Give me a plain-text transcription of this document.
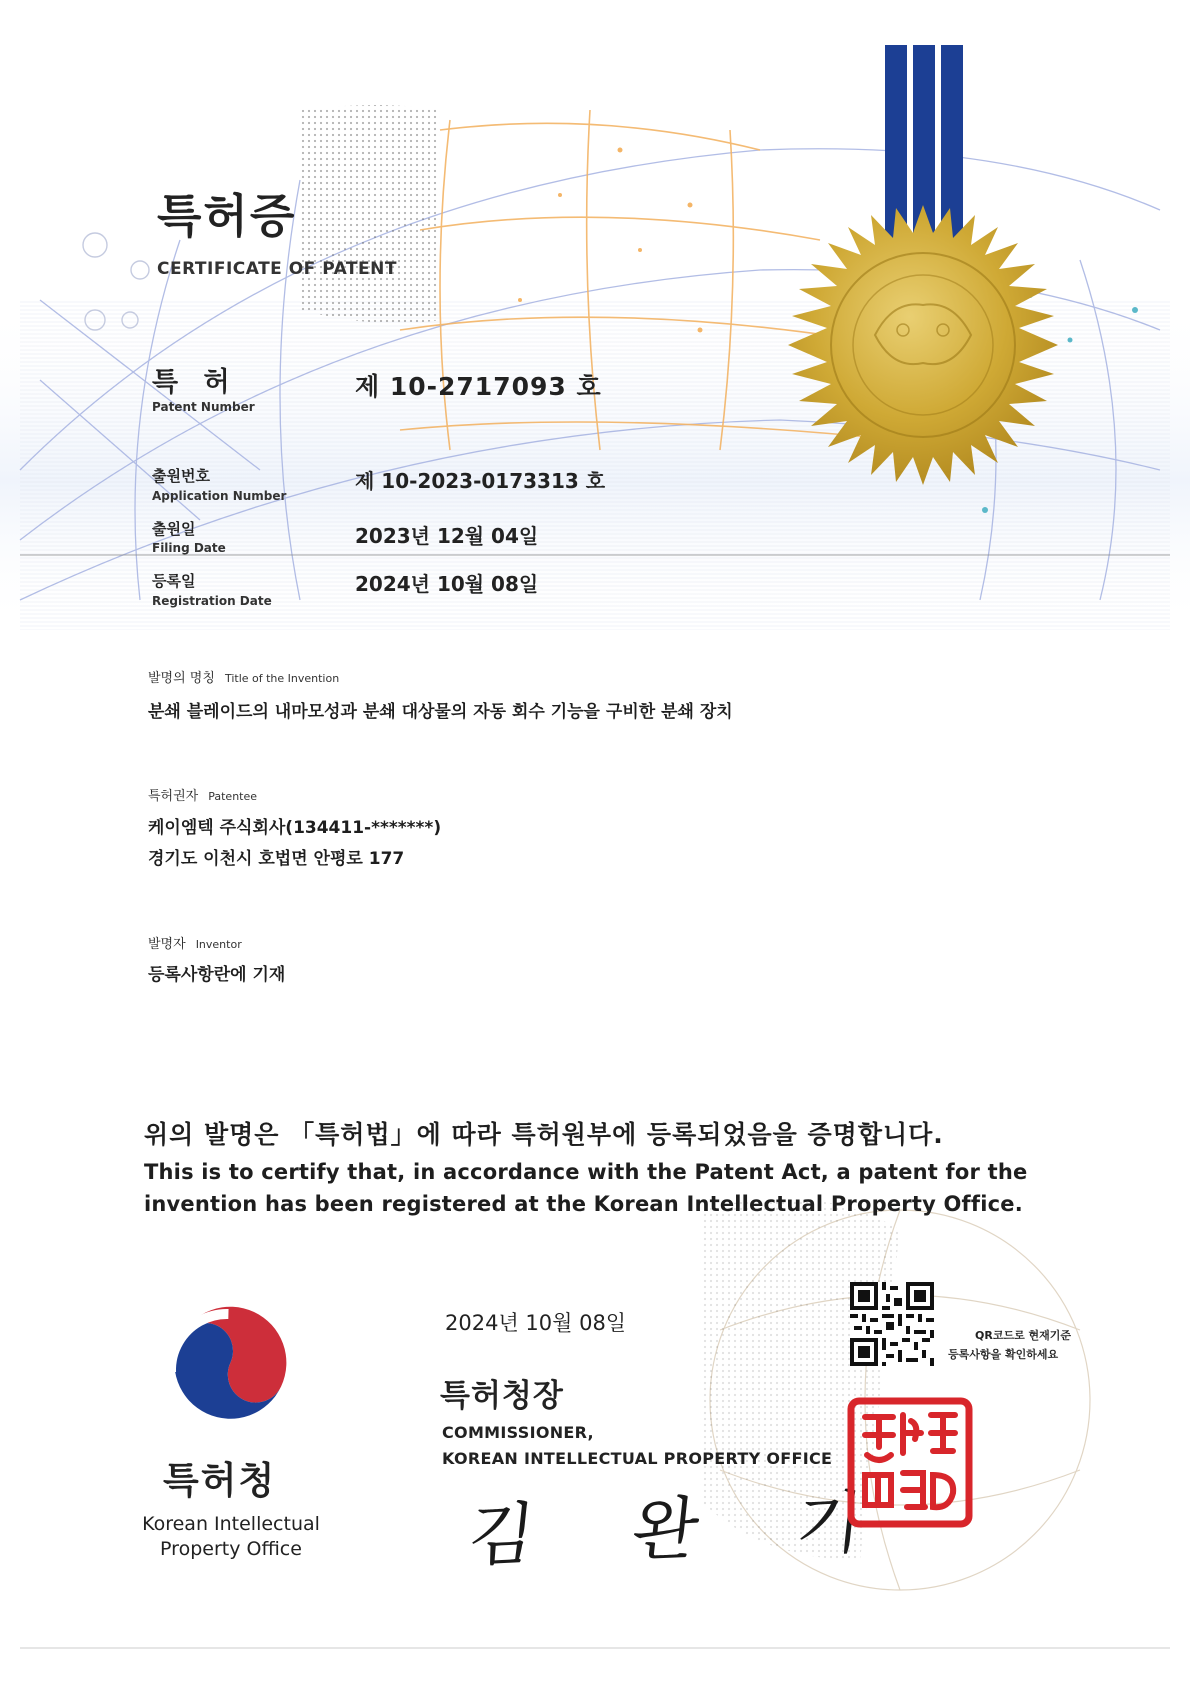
특허증
CERTIFICATE OF PATENT
특 허
Patent Number
제 10-2717093 호
출원번호
Application Number
제 10-2023-0173313 호
출원일
Filing Date	2023년 12월 04일
등록일
Registration Date
2024년 10월 08일
발명의 명칭 Title of the Invention
분쇄 블레이드의 내마모성과 분쇄 대상물의 자동 회수 기능을 구비한 분쇄 장치
특허권자 Patentee
케이엠텍 주식회사(134411-*******)
경기도 이천시 호법면 안평로 177
발명자 Inventor
등록사항란에 기재
위의 발명은 「특허법」에 따라 특허원부에 등록되었음을 증명합니다.
This is to certify that, in accordance with the Patent Act, a patent for the
invention has been registered at the Korean Intellectual Property Office.
특허청
Korean Intellectual
Property Office
2024년 10월 08일
특허청장
COMMISSIONER,
KOREAN INTELLECTUAL PROPERTY OFFICE
김 완 기
QR코드로 현재기준
등록사항을 확인하세요
